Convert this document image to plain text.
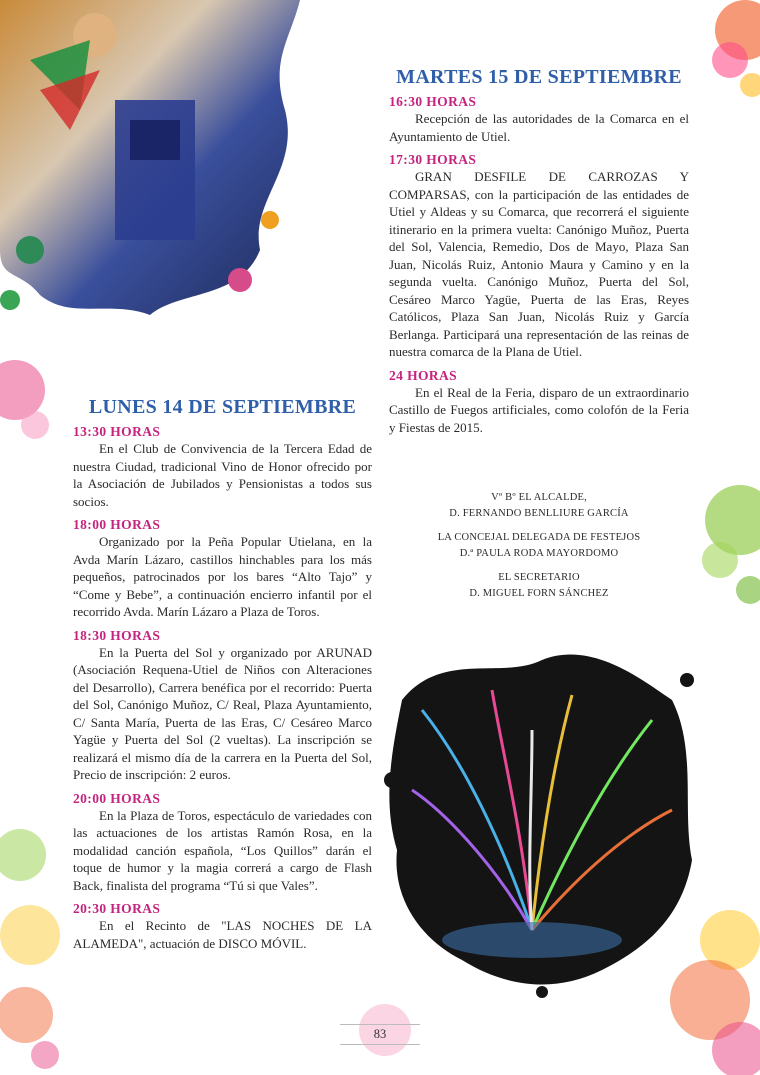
MARTES 15 DE SEPTIEMBRE

16:30 HORAS

Recepción de las autoridades de la Comarca en el Ayuntamiento de Utiel.

17:30 HORAS

GRAN DESFILE DE CARROZAS Y COMPARSAS, con la participación de las entidades de Utiel y Aldeas y su Comarca, que recorrerá el siguiente itinerario en la primera vuelta: Canónigo Muñoz, Puerta del Sol, Valencia, Remedio, Dos de Mayo, Plaza San Juan, Nicolás Ruiz, Antonio Maura y Camino y en la segunda vuelta. Canónigo Muñoz, Puerta del Sol, Cesáreo Marco Yagüe, Puerta de las Eras, Reyes Católicos, Plaza San Juan, Nicolás Ruiz y García Berlanga. Participará una representación de las reinas de nuestra comarca de la Plana de Utiel.

24 HORAS

En el Real de la Feria, disparo de un extraordinario Castillo de Fuegos artificiales, como colofón de la Feria y Fiestas de 2015.

Vº Bº EL ALCALDE,
D. FERNANDO BENLLIURE GARCÍA
LA CONCEJAL DELEGADA DE FESTEJOS
D.ª PAULA RODA MAYORDOMO
EL SECRETARIO
D. MIGUEL FORN SÁNCHEZ
LUNES 14 DE SEPTIEMBRE

13:30 HORAS

En el Club de Convivencia de la Tercera Edad de nuestra Ciudad, tradicional Vino de Honor ofrecido por la Asociación de Jubilados y Pensionistas a todos sus socios.

18:00 HORAS

Organizado por la Peña Popular Utielana, en la Avda Marín Lázaro, castillos hinchables para los más pequeños, patrocinados por los bares “Alto Tajo” y “Come y Bebe”, a continuación encierro infantil por el recorrido Avda. Marín Lázaro a Plaza de Toros.

18:30 HORAS

En la Puerta del Sol y organizado por ARUNAD (Asociación Requena-Utiel de Niños con Alteraciones del Desarrollo), Carrera benéfica por el recorrido: Puerta del Sol, Canónigo Muñoz, C/ Real, Plaza Ayuntamiento, C/ Santa María, Puerta de las Eras, C/ Cesáreo Marco Yagüe y Puerta del Sol (2 vueltas). La inscripción se realizará el mismo día de la carrera en la Puerta del Sol, Precio de inscripción: 2 euros.

20:00 HORAS

En la Plaza de Toros, espectáculo de variedades con las actuaciones de los artistas Ramón Rosa, en la modalidad canción española, “Los Quillos” darán el toque de humor y la magia correrá a cargo de Flash Back, finalista del programa “Tú si que Vales”.

20:30 HORAS

En el Recinto de "LAS NOCHES DE LA ALAMEDA", actuación de DISCO MÓVIL.

83
